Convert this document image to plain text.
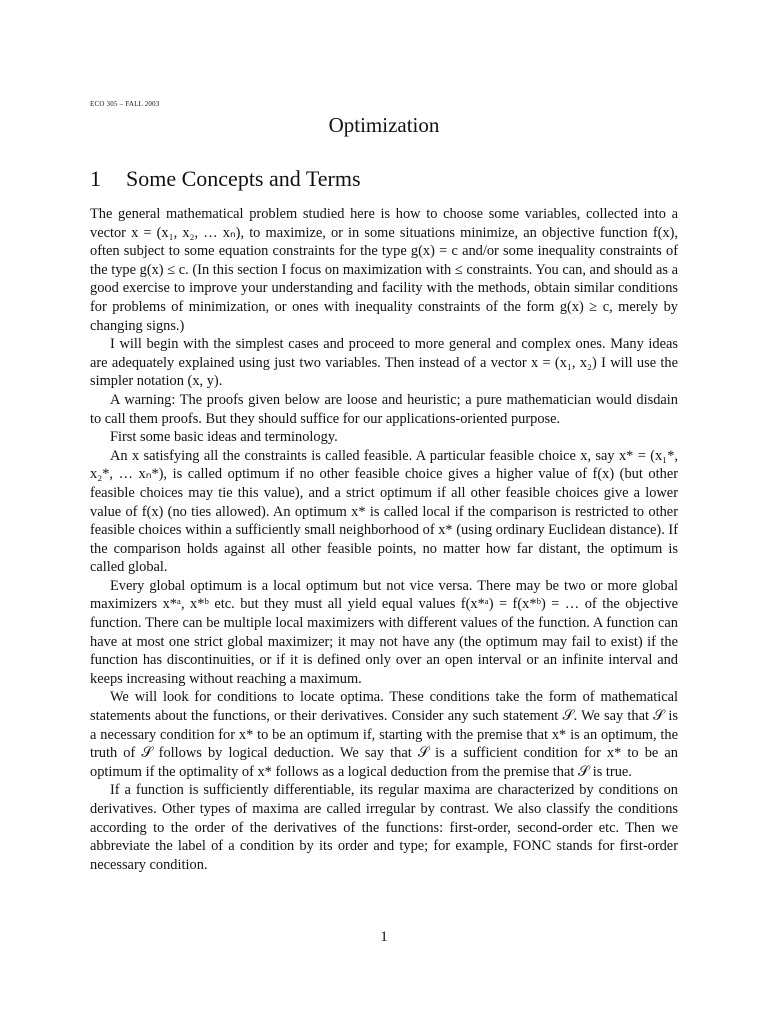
ECO 305 – FALL 2003
Optimization
1 Some Concepts and Terms

The general mathematical problem studied here is how to choose some variables, collected into a vector x = (x₁, x₂, … xₙ), to maximize, or in some situations minimize, an objective function f(x), often subject to some equation constraints for the type g(x) = c and/or some inequality constraints of the type g(x) ≤ c. (In this section I focus on maximization with ≤ constraints. You can, and should as a good exercise to improve your understanding and facility with the methods, obtain similar conditions for problems of minimization, or ones with inequality constraints of the form g(x) ≥ c, merely by changing signs.)

I will begin with the simplest cases and proceed to more general and complex ones. Many ideas are adequately explained using just two variables. Then instead of a vector x = (x₁, x₂) I will use the simpler notation (x, y).

A warning: The proofs given below are loose and heuristic; a pure mathematician would disdain to call them proofs. But they should suffice for our applications-oriented purpose.

First some basic ideas and terminology.

An x satisfying all the constraints is called feasible. A particular feasible choice x, say x* = (x₁*, x₂*, … xₙ*), is called optimum if no other feasible choice gives a higher value of f(x) (but other feasible choices may tie this value), and a strict optimum if all other feasible choices give a lower value of f(x) (no ties allowed). An optimum x* is called local if the comparison is restricted to other feasible choices within a sufficiently small neighborhood of x* (using ordinary Euclidean distance). If the comparison holds against all other feasible points, no matter how far distant, the optimum is called global.

Every global optimum is a local optimum but not vice versa. There may be two or more global maximizers x*ᵃ, x*ᵇ etc. but they must all yield equal values f(x*ᵃ) = f(x*ᵇ) = … of the objective function. There can be multiple local maximizers with different values of the function. A function can have at most one strict global maximizer; it may not have any (the optimum may fail to exist) if the function has discontinuities, or if it is defined only over an open interval or an infinite interval and keeps increasing without reaching a maximum.

We will look for conditions to locate optima. These conditions take the form of mathematical statements about the functions, or their derivatives. Consider any such statement 𝒮. We say that 𝒮 is a necessary condition for x* to be an optimum if, starting with the premise that x* is an optimum, the truth of 𝒮 follows by logical deduction. We say that 𝒮 is a sufficient condition for x* to be an optimum if the optimality of x* follows as a logical deduction from the premise that 𝒮 is true.

If a function is sufficiently differentiable, its regular maxima are characterized by conditions on derivatives. Other types of maxima are called irregular by contrast. We also classify the conditions according to the order of the derivatives of the functions: first-order, second-order etc. Then we abbreviate the label of a condition by its order and type; for example, FONC stands for first-order necessary condition.

1
